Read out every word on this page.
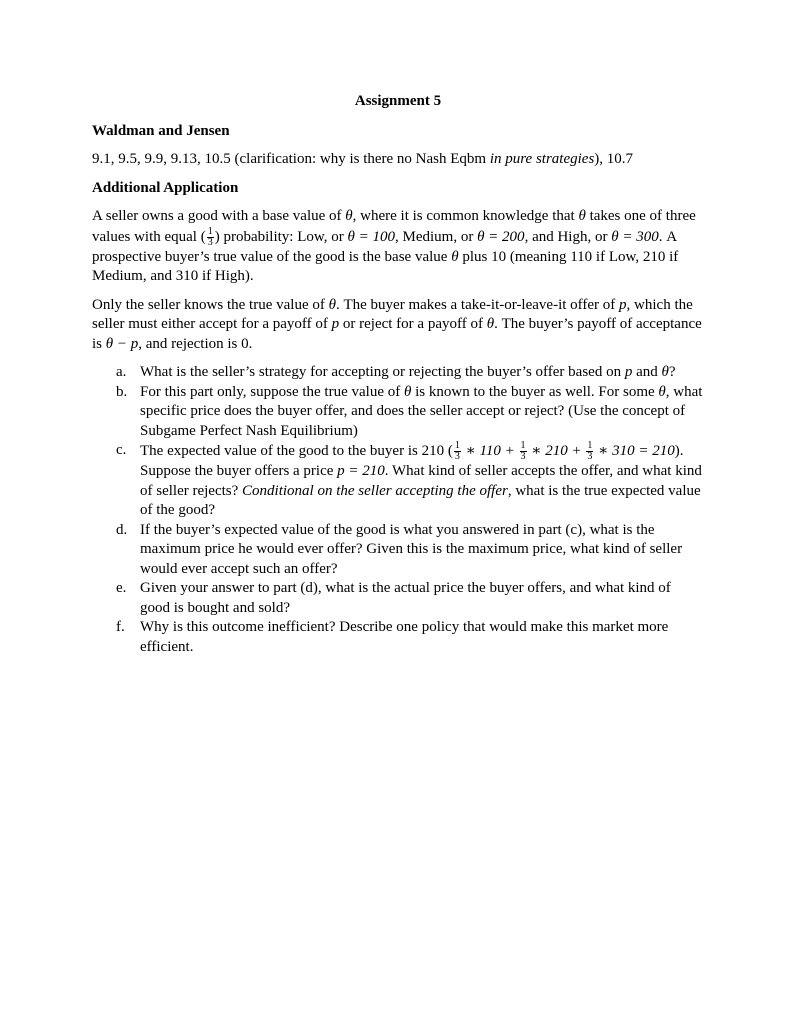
Assignment 5
Waldman and Jensen
9.1, 9.5, 9.9, 9.13, 10.5 (clarification: why is there no Nash Eqbm in pure strategies), 10.7
Additional Application
A seller owns a good with a base value of θ, where it is common knowledge that θ takes one of three values with equal ( $\frac{1}{3}$ ) probability: Low, or θ = 100, Medium, or θ = 200, and High, or θ = 300. A prospective buyer’s true value of the good is the base value θ plus 10 (meaning 110 if Low, 210 if Medium, and 310 if High).
Only the seller knows the true value of θ. The buyer makes a take-it-or-leave-it offer of p, which the seller must either accept for a payoff of p or reject for a payoff of θ. The buyer’s payoff of acceptance is θ − p, and rejection is 0.
a. What is the seller’s strategy for accepting or rejecting the buyer’s offer based on p and θ?
b. For this part only, suppose the true value of θ is known to the buyer as well. For some θ, what specific price does the buyer offer, and does the seller accept or reject? (Use the concept of Subgame Perfect Nash Equilibrium)
c. The expected value of the good to the buyer is 210 ( $\frac{1}{3}$ ∗ $110 + \frac{1}{3}$ ∗ $210 + \frac{1}{3}$ ∗ 310 = 210). Suppose the buyer offers a price p = 210. What kind of seller accepts the offer, and what kind of seller rejects? Conditional on the seller accepting the offer, what is the true expected value of the good?
d. If the buyer’s expected value of the good is what you answered in part (c), what is the maximum price he would ever offer? Given this is the maximum price, what kind of seller would ever accept such an offer?
e. Given your answer to part (d), what is the actual price the buyer offers, and what kind of good is bought and sold?
f. Why is this outcome inefficient? Describe one policy that would make this market more efficient.
